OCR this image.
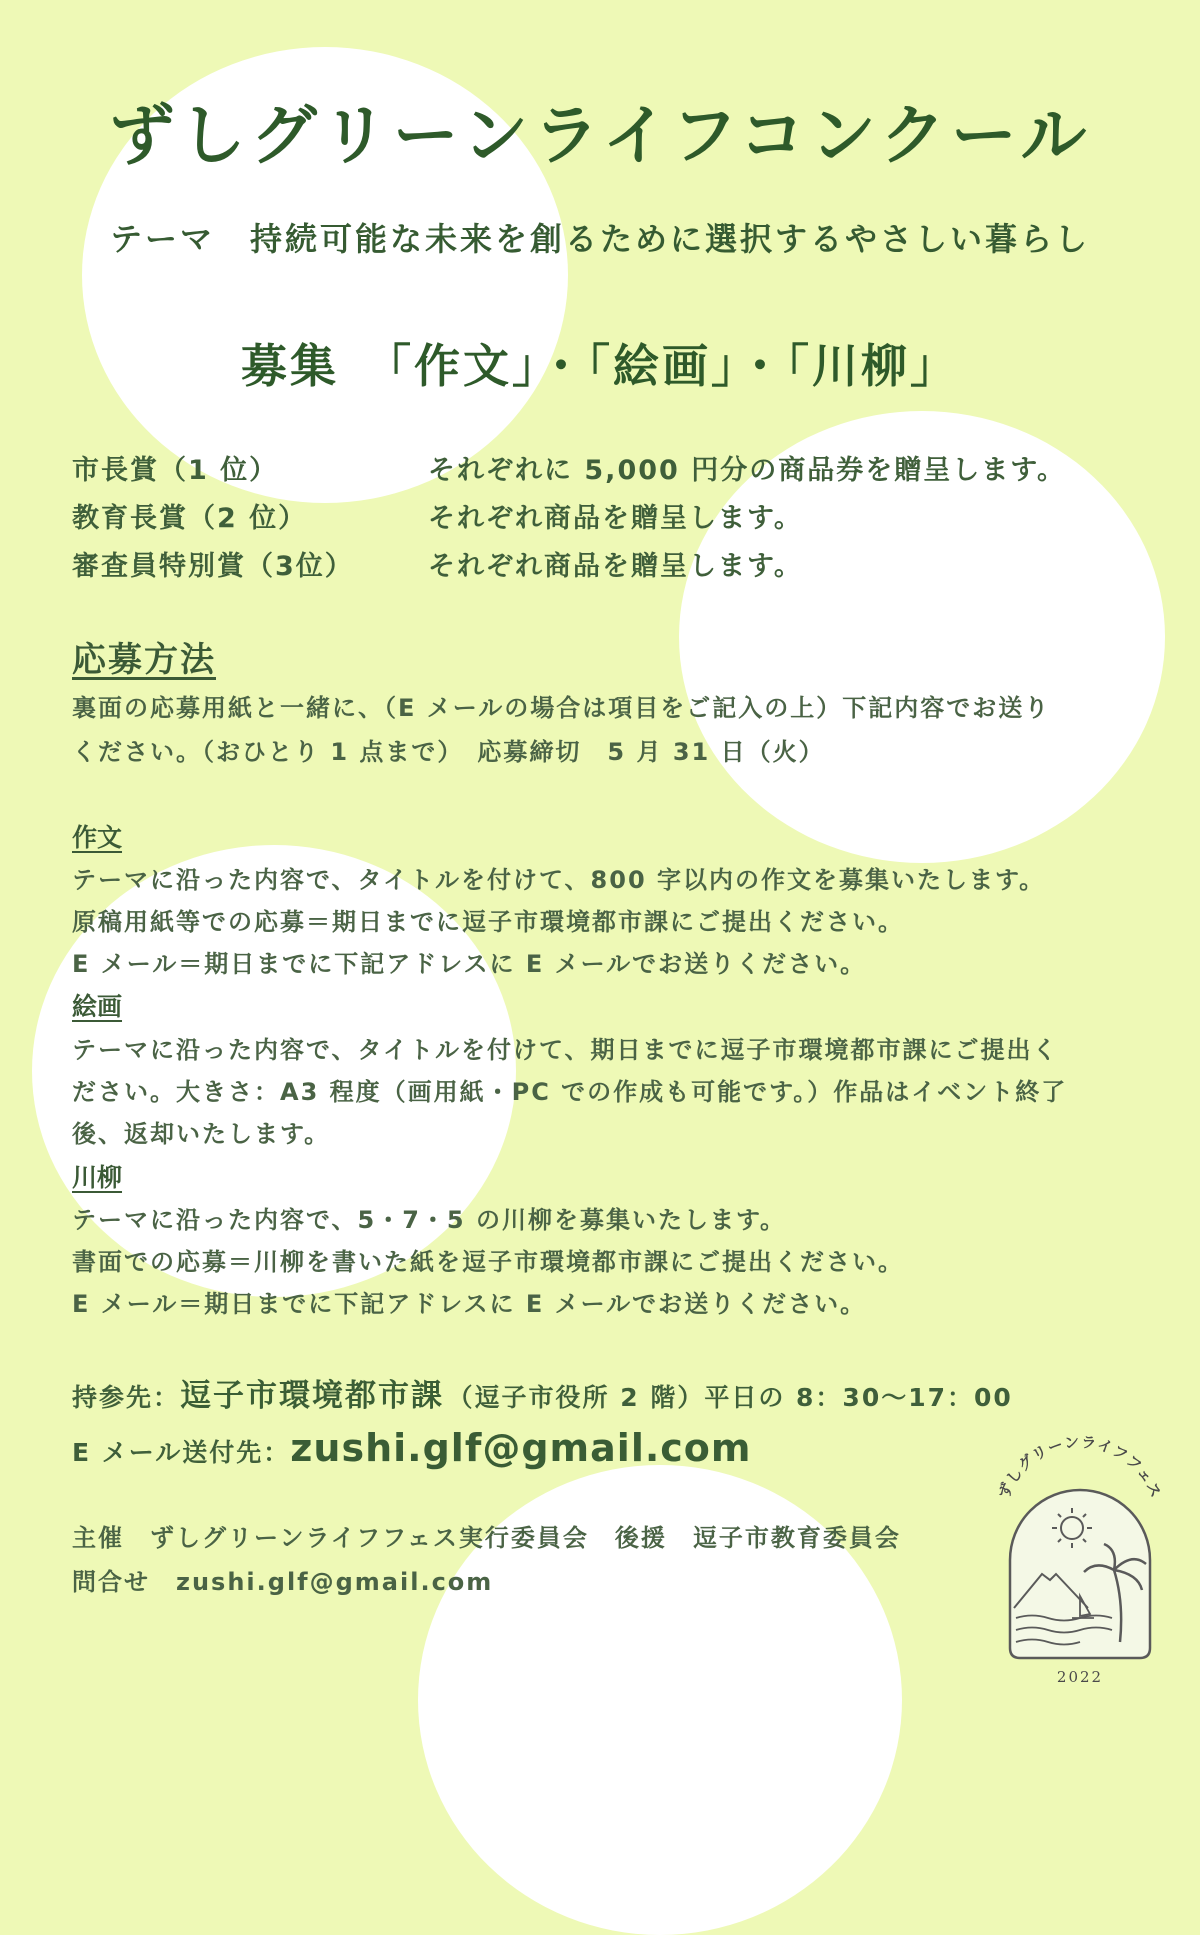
ずしグリーンライフコンクール
テーマ　持続可能な未来を創るために選択するやさしい暮らし
募集　「作文」・「絵画」・「川柳」
市長賞（1 位）	それぞれに 5,000 円分の商品券を贈呈します。
教育長賞（2 位）	それぞれ商品を贈呈します。
審査員特別賞（3位）	それぞれ商品を贈呈します。
応募方法
裏面の応募用紙と一緒に、（E メールの場合は項目をご記入の上）下記内容でお送り
ください。（おひとり 1 点まで）　応募締切　5 月 31 日（火）
作文
テーマに沿った内容で、タイトルを付けて、800 字以内の作文を募集いたします。
原稿用紙等での応募＝期日までに逗子市環境都市課にご提出ください。
E メール＝期日までに下記アドレスに E メールでお送りください。
絵画
テーマに沿った内容で、タイトルを付けて、期日までに逗子市環境都市課にご提出く
ださい。大きさ：A3 程度（画用紙・PC での作成も可能です。）作品はイベント終了
後、返却いたします。
川柳
テーマに沿った内容で、5・7・5 の川柳を募集いたします。
書面での応募＝川柳を書いた紙を逗子市環境都市課にご提出ください。
E メール＝期日までに下記アドレスに E メールでお送りください。
持参先：逗子市環境都市課　 （逗子市役所 2 階）平日の 8：30～17：00
E メール送付先：zushi.glf@gmail.com
主催　ずしグリーンライフフェス実行委員会　後援　逗子市教育委員会
問合せ　zushi.glf@gmail.com
ずしグリーンライフフェス
2022
